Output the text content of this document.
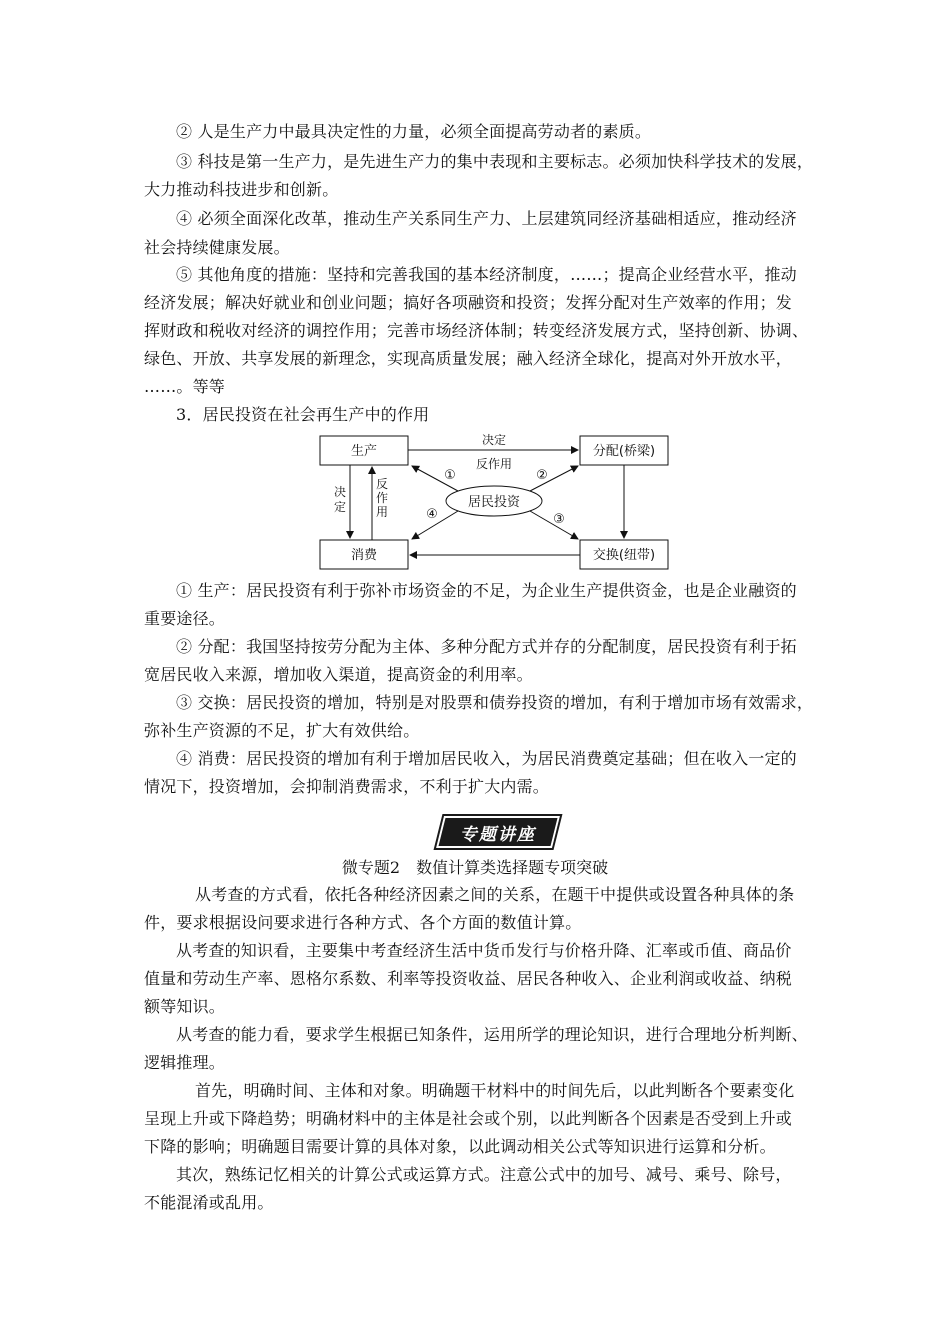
② 人是生产力中最具决定性的力量，必须全面提高劳动者的素质。
③ 科技是第一生产力，是先进生产力的集中表现和主要标志。必须加快科学技术的发展，
大力推动科技进步和创新。
④ 必须全面深化改革，推动生产关系同生产力、上层建筑同经济基础相适应，推动经济
社会持续健康发展。
⑤ 其他角度的措施：坚持和完善我国的基本经济制度，……；提高企业经营水平，推动
经济发展；解决好就业和创业问题；搞好各项融资和投资；发挥分配对生产效率的作用；发
挥财政和税收对经济的调控作用；完善市场经济体制；转变经济发展方式，坚持创新、协调、
绿色、开放、共享发展的新理念，实现高质量发展；融入经济全球化，提高对外开放水平，
……。等等
3．居民投资在社会再生产中的作用
生产	分配(桥梁)
消费	交换(纽带)
居民投资
决定
决
定
反
作
用
反作用
①	②
③
④
① 生产：居民投资有利于弥补市场资金的不足，为企业生产提供资金，也是企业融资的
重要途径。
② 分配：我国坚持按劳分配为主体、多种分配方式并存的分配制度，居民投资有利于拓
宽居民收入来源，增加收入渠道，提高资金的利用率。
③ 交换：居民投资的增加，特别是对股票和债券投资的增加，有利于增加市场有效需求，
弥补生产资源的不足，扩大有效供给。
④ 消费：居民投资的增加有利于增加居民收入，为居民消费奠定基础；但在收入一定的
情况下，投资增加，会抑制消费需求，不利于扩大内需。
专题讲座
微专题2　数值计算类选择题专项突破
从考查的方式看，依托各种经济因素之间的关系，在题干中提供或设置各种具体的条
件，要求根据设问要求进行各种方式、各个方面的数值计算。
从考查的知识看，主要集中考查经济生活中货币发行与价格升降、汇率或币值、商品价
值量和劳动生产率、恩格尔系数、利率等投资收益、居民各种收入、企业利润或收益、纳税
额等知识。
从考查的能力看，要求学生根据已知条件，运用所学的理论知识，进行合理地分析判断、
逻辑推理。
首先，明确时间、主体和对象。明确题干材料中的时间先后，以此判断各个要素变化
呈现上升或下降趋势；明确材料中的主体是社会或个别，以此判断各个因素是否受到上升或
下降的影响；明确题目需要计算的具体对象，以此调动相关公式等知识进行运算和分析。
其次，熟练记忆相关的计算公式或运算方式。注意公式中的加号、减号、乘号、除号，
不能混淆或乱用。
